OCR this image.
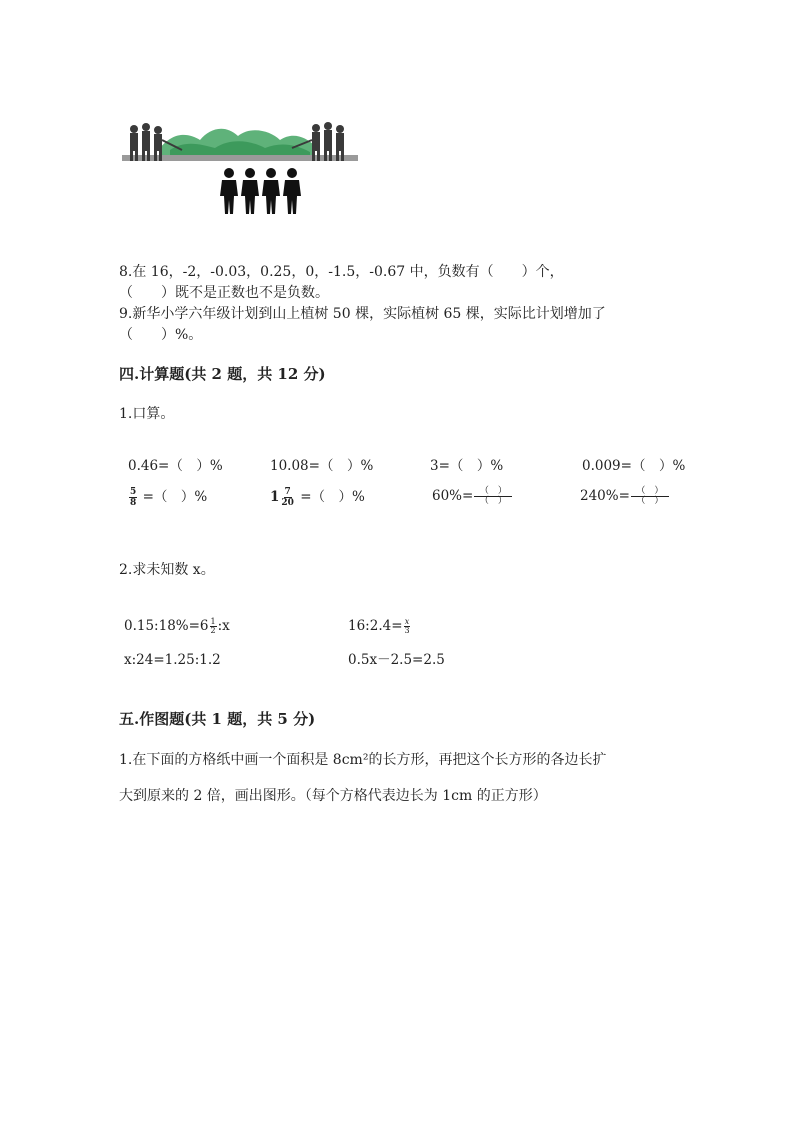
8.在 16，-2，-0.03，0.25，0，-1.5，-0.67 中，负数有（　　）个，
（　　）既不是正数也不是负数。
9.新华小学六年级计划到山上植树 50 棵，实际植树 65 棵，实际比计划增加了
（　　）%。
四.计算题(共 2 题，共 12 分)
1.口算。
0.46=（　）%	10.08=（　）%	3=（　）%	0.009=（　）%
$\frac{5}{8}$ =（　）%	$1 \frac{7}{20}$ =（　）%	$60\%= \frac{( )}{( )}$	$240\%= \frac{( )}{( )}$
2.求未知数 x。
0.15:18%=6 $\frac{1}{2}$ :x	16:2.4= $\frac{x}{3}$
x:24=1.25:1.2	0.5x－2.5=2.5
五.作图题(共 1 题，共 5 分)
1.在下面的方格纸中画一个面积是 8cm²的长方形，再把这个长方形的各边长扩
大到原来的 2 倍，画出图形。（每个方格代表边长为 1cm 的正方形）
